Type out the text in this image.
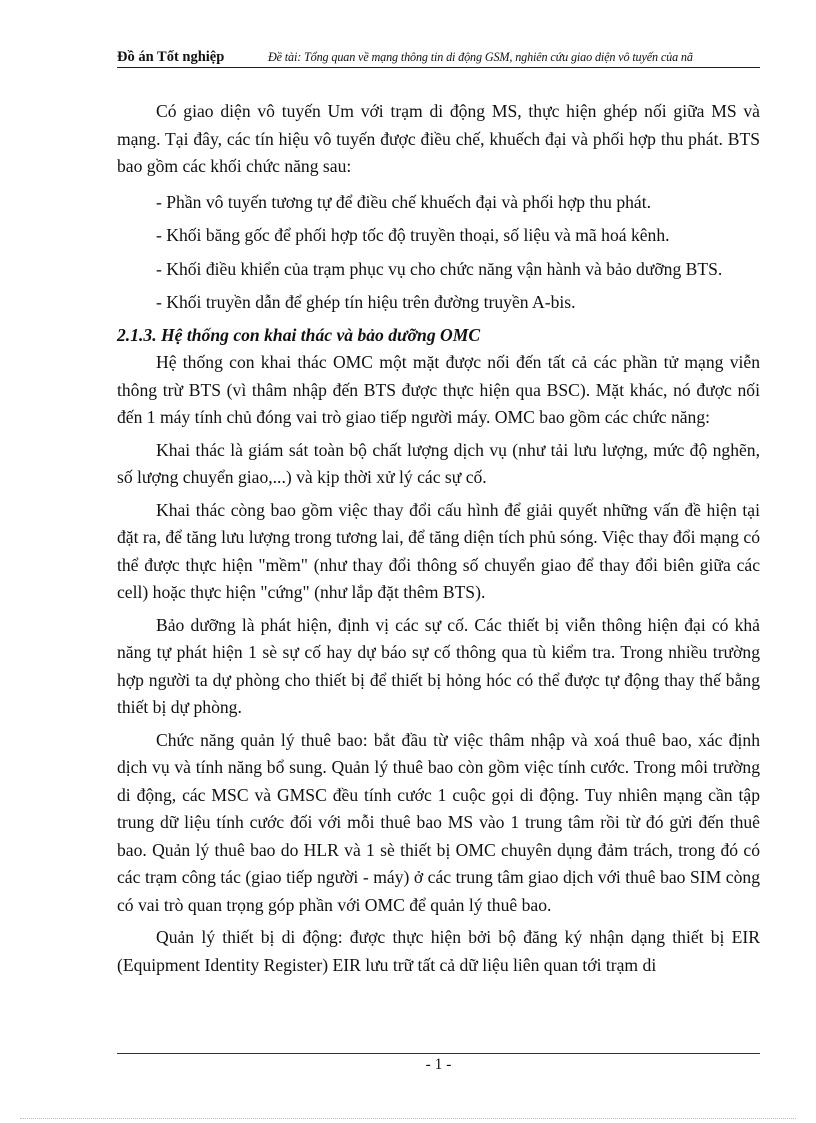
Đồ án Tốt nghiệp	Đề tài: Tổng quan về mạng thông tin di động GSM, nghiên cứu giao diện vô tuyến của nã

Có giao diện vô tuyến Um với trạm di động MS, thực hiện ghép nối giữa MS và mạng. Tại đây, các tín hiệu vô tuyến được điều chế, khuếch đại và phối hợp thu phát. BTS bao gồm các khối chức năng sau:

- Phần vô tuyến tương tự để điều chế khuếch đại và phối hợp thu phát.

- Khối băng gốc để phối hợp tốc độ truyền thoại, số liệu và mã hoá kênh.

- Khối điều khiển của trạm phục vụ cho chức năng vận hành và bảo dưỡng BTS.

- Khối truyền dẫn để ghép tín hiệu trên đường truyền A-bis.

2.1.3. Hệ thống con khai thác và bảo dưỡng OMC

Hệ thống con khai thác OMC một mặt được nối đến tất cả các phần tử mạng viễn thông trừ BTS (vì thâm nhập đến BTS được thực hiện qua BSC). Mặt khác, nó được nối đến 1 máy tính chủ đóng vai trò giao tiếp người máy. OMC bao gồm các chức năng:

Khai thác là giám sát toàn bộ chất lượng dịch vụ (như tải lưu lượng, mức độ nghẽn, số lượng chuyển giao,...) và kịp thời xử lý các sự cố.

Khai thác còng bao gồm việc thay đổi cấu hình để giải quyết những vấn đề hiện tại đặt ra, để tăng lưu lượng trong tương lai, để tăng diện tích phủ sóng. Việc thay đổi mạng có thể được thực hiện "mềm" (như thay đổi thông số chuyển giao để thay đổi biên giữa các cell) hoặc thực hiện "cứng" (như lắp đặt thêm BTS).

Bảo dưỡng là phát hiện, định vị các sự cố. Các thiết bị viễn thông hiện đại có khả năng tự phát hiện 1 sè sự cố hay dự báo sự cố thông qua tù kiểm tra. Trong nhiều trường hợp người ta dự phòng cho thiết bị để thiết bị hỏng hóc có thể được tự động thay thế bằng thiết bị dự phòng.

Chức năng quản lý thuê bao: bắt đầu từ việc thâm nhập và xoá thuê bao, xác định dịch vụ và tính năng bổ sung. Quản lý thuê bao còn gồm việc tính cước. Trong môi trường di động, các MSC và GMSC đều tính cước 1 cuộc gọi di động. Tuy nhiên mạng cần tập trung dữ liệu tính cước đối với mỗi thuê bao MS vào 1 trung tâm rồi từ đó gửi đến thuê bao. Quản lý thuê bao do HLR và 1 sè thiết bị OMC chuyên dụng đảm trách, trong đó có các trạm công tác (giao tiếp người - máy) ở các trung tâm giao dịch với thuê bao SIM còng có vai trò quan trọng góp phần với OMC để quản lý thuê bao.

Quản lý thiết bị di động: được thực hiện bởi bộ đăng ký nhận dạng thiết bị EIR (Equipment Identity Register) EIR lưu trữ tất cả dữ liệu liên quan tới trạm di

- 1 -
